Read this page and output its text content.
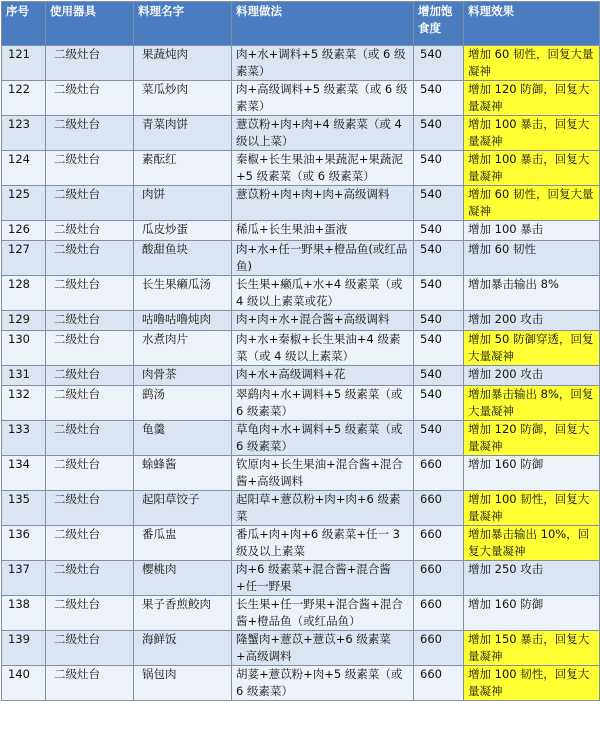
序号	使用器具	料理名字	料理做法	增加饱食度	料理效果
121	二级灶台	果蔬炖肉	肉+水+调料+5 级素菜（或 6 级素菜）	540	增加 60 韧性，回复大量凝神
122	二级灶台	菜瓜炒肉	肉+高级调料+5 级素菜（或 6 级素菜）	540	增加 120 防御，回复大量凝神
123	二级灶台	青菜肉饼	薏苡粉+肉+肉+4 级素菜（或 4 级以上菜）	540	增加 100 暴击，回复大量凝神
124	二级灶台	素酝红	秦椒+长生果油+果蔬泥+果蔬泥+5 级素菜（或 6 级素菜）	540	增加 100 暴击，回复大量凝神
125	二级灶台	肉饼	薏苡粉+肉+肉+肉+高级调料	540	增加 60 韧性，回复大量凝神
126	二级灶台	瓜皮炒蛋	稀瓜+长生果油+蛋液	540	增加 100 暴击
127	二级灶台	酸甜鱼块	肉+水+任一野果+橙品鱼(或红品鱼)	540	增加 60 韧性
128	二级灶台	长生果癞瓜汤	长生果+癞瓜+水+4 级素菜（或 4 级以上素菜或花）	540	增加暴击输出 8%
129	二级灶台	咕噜咕噜炖肉	肉+肉+水+混合酱+高级调料	540	增加 200 攻击
130	二级灶台	水煮肉片	肉+水+秦椒+长生果油+4 级素菜（或 4 级以上素菜）	540	增加 50 防御穿透，回复大量凝神
131	二级灶台	肉骨茶	肉+水+高级调料+花	540	增加 200 攻击
132	二级灶台	鹞汤	翠鹞肉+水+调料+5 级素菜（或 6 级素菜）	540	增加暴击输出 8%，回复大量凝神
133	二级灶台	龟羹	草龟肉+水+调料+5 级素菜（或 6 级素菜）	540	增加 120 防御，回复大量凝神
134	二级灶台	蜍蜂酱	钦原肉+长生果油+混合酱+混合酱+高级调料	660	增加 160 防御
135	二级灶台	起阳草饺子	起阳草+薏苡粉+肉+肉+6 级素菜	660	增加 100 韧性，回复大量凝神
136	二级灶台	番瓜盅	番瓜+肉+肉+6 级素菜+任一 3 级及以上素菜	660	增加暴击输出 10%，回复大量凝神
137	二级灶台	樱桃肉	肉+6 级素菜+混合酱+混合酱+任一野果	660	增加 250 攻击
138	二级灶台	果子香煎鲛肉	长生果+任一野果+混合酱+混合酱+橙品鱼（或红品鱼）	660	增加 160 防御
139	二级灶台	海鲜饭	隆蟹肉+薏苡+薏苡+6 级素菜+高级调料	660	增加 150 暴击，回复大量凝神
140	二级灶台	锅包肉	胡荽+薏苡粉+肉+5 级素菜（或 6 级素菜）	660	增加 100 韧性，回复大量凝神
